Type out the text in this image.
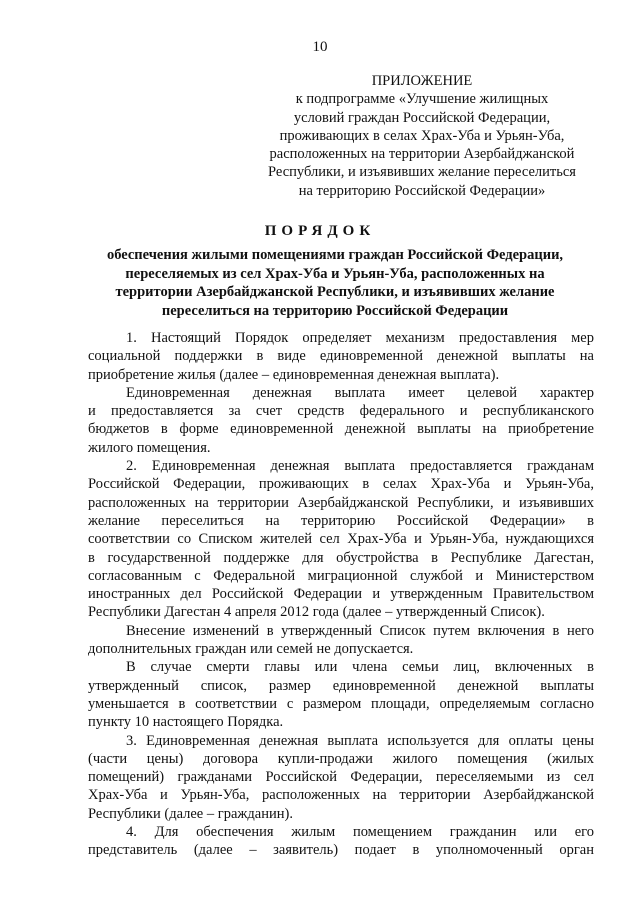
10
ПРИЛОЖЕНИЕ
к подпрограмме «Улучшение жилищных
условий граждан Российской Федерации,
проживающих в селах Храх-Уба и Урьян-Уба,
расположенных на территории Азербайджанской
Республики, и изъявивших желание переселиться
на территорию Российской Федерации»
ПОРЯДОК
обеспечения жилыми помещениями граждан Российской Федерации,
переселяемых из сел Храх-Уба и Урьян-Уба, расположенных на
территории Азербайджанской Республики, и изъявивших желание
переселиться на территорию Российской Федерации
1. Настоящий Порядок определяет механизм предоставления мер
социальной поддержки в виде единовременной денежной выплаты на
приобретение жилья (далее – единовременная денежная выплата).
Единовременная денежная выплата имеет целевой характер
и предоставляется за счет средств федерального и республиканского
бюджетов в форме единовременной денежной выплаты на приобретение
жилого помещения.
2. Единовременная денежная выплата предоставляется гражданам
Российской Федерации, проживающих в селах Храх-Уба и Урьян-Уба,
расположенных на территории Азербайджанской Республики, и изъявивших
желание переселиться на территорию Российской Федерации» в
соответствии со Списком жителей сел Храх-Уба и Урьян-Уба, нуждающихся
в государственной поддержке для обустройства в Республике Дагестан,
согласованным с Федеральной миграционной службой и Министерством
иностранных дел Российской Федерации и утвержденным Правительством
Республики Дагестан 4 апреля 2012 года (далее – утвержденный Список).
Внесение изменений в утвержденный Список путем включения в него
дополнительных граждан или семей не допускается.
В случае смерти главы или члена семьи лиц, включенных в
утвержденный список, размер единовременной денежной выплаты
уменьшается в соответствии с размером площади, определяемым согласно
пункту 10 настоящего Порядка.
3. Единовременная денежная выплата используется для оплаты цены
(части цены) договора купли-продажи жилого помещения (жилых
помещений) гражданами Российской Федерации, переселяемыми из сел
Храх-Уба и Урьян-Уба, расположенных на территории Азербайджанской
Республики (далее – гражданин).
4. Для обеспечения жилым помещением гражданин или его
представитель (далее – заявитель) подает в уполномоченный орган
